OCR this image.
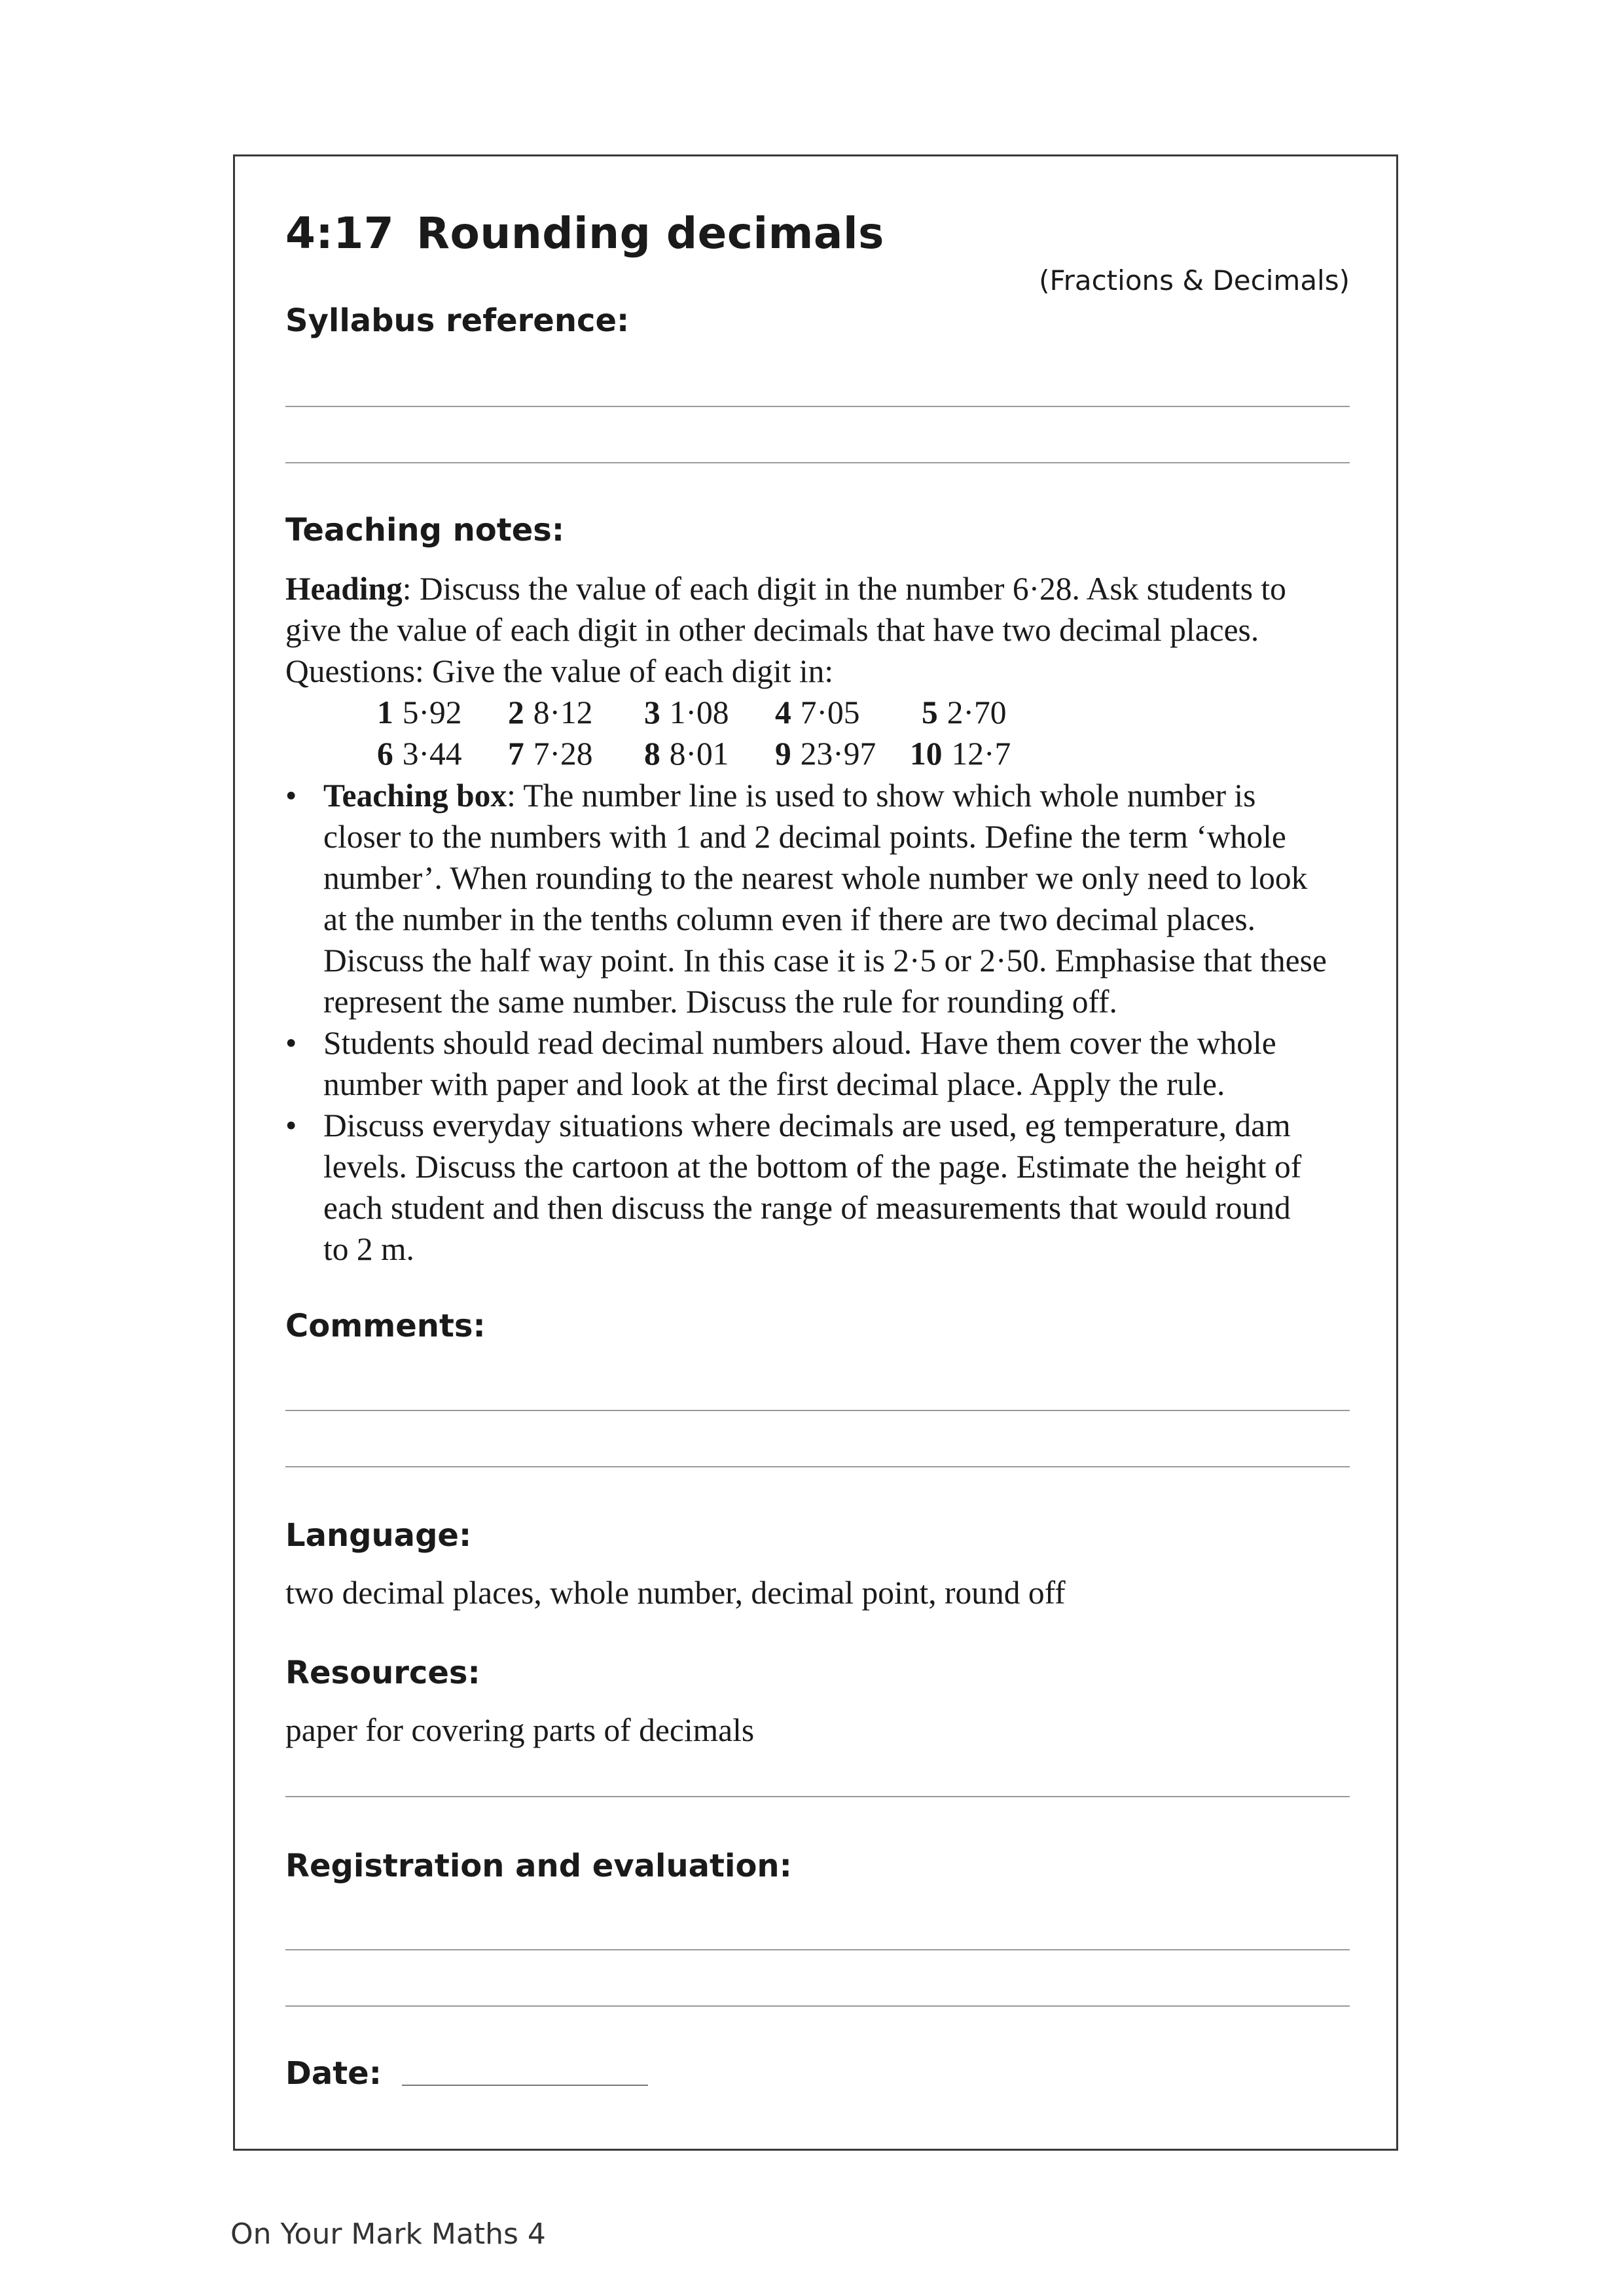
4:17 Rounding decimals
(Fractions & Decimals)
Syllabus reference:
Teaching notes:
Heading: Discuss the value of each digit in the number 6·28. Ask students to
give the value of each digit in other decimals that have two decimal places.
Questions: Give the value of each digit in:
1 5·92 2 8·12 3 1·08 4 7·05 5 2·70
6 3·44 7 7·28 8 8·01 9 23·97 10 12·7
• Teaching box: The number line is used to show which whole number is
closer to the numbers with 1 and 2 decimal points. Define the term ‘whole
number’. When rounding to the nearest whole number we only need to look
at the number in the tenths column even if there are two decimal places.
Discuss the half way point. In this case it is 2·5 or 2·50. Emphasise that these
represent the same number. Discuss the rule for rounding off.
• Students should read decimal numbers aloud. Have them cover the whole
number with paper and look at the first decimal place. Apply the rule.
• Discuss everyday situations where decimals are used, eg temperature, dam
levels. Discuss the cartoon at the bottom of the page. Estimate the height of
each student and then discuss the range of measurements that would round
to 2 m.
Comments:
Language:
two decimal places, whole number, decimal point, round off
Resources:
paper for covering parts of decimals
Registration and evaluation:
Date:
On Your Mark Maths 4
